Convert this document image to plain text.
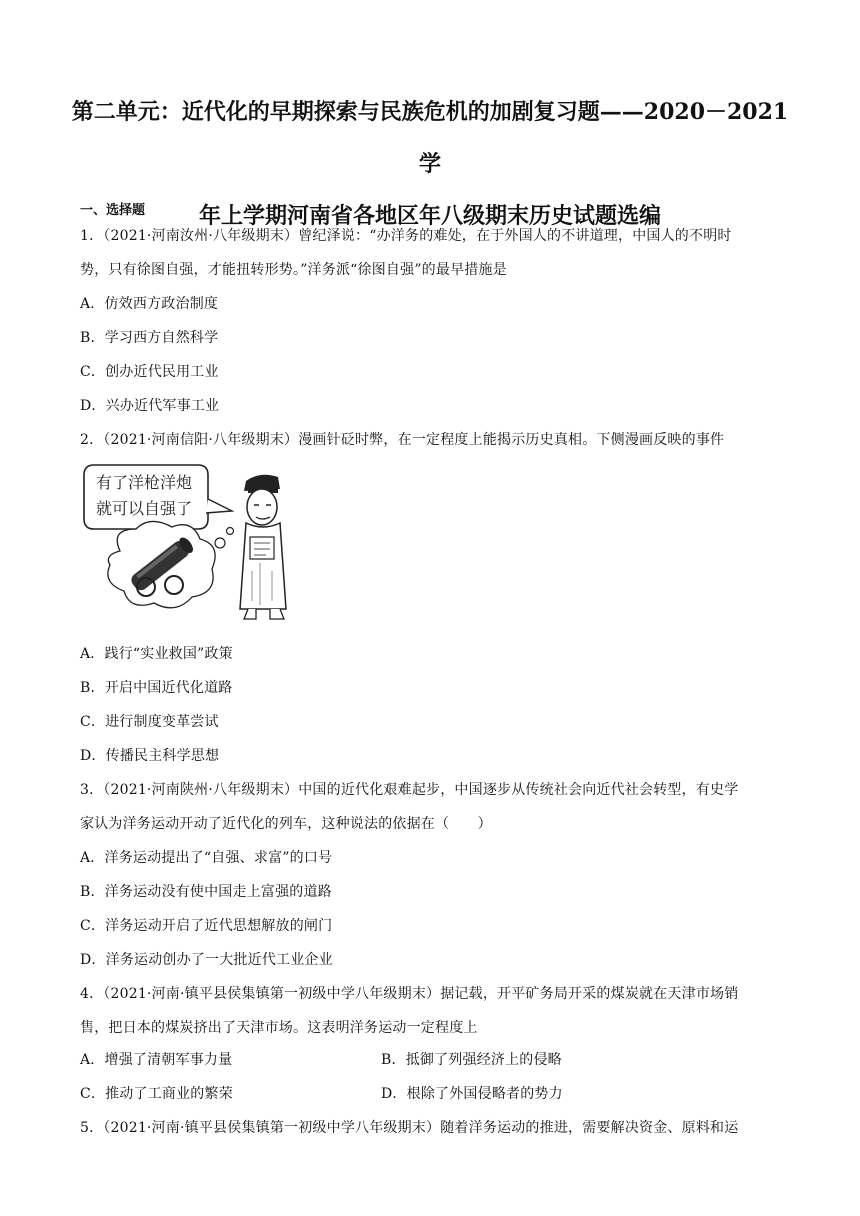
第二单元：近代化的早期探索与民族危机的加剧复习题——2020－2021 学
年上学期河南省各地区年八级期末历史试题选编
一、选择题
1．（2021·河南汝州·八年级期末）曾纪泽说：“办洋务的难处，在于外国人的不讲道理，中国人的不明时
势，只有徐图自强，才能扭转形势。”洋务派“徐图自强”的最早措施是
A．仿效西方政治制度
B．学习西方自然科学
C．创办近代民用工业
D．兴办近代军事工业
2．（2021·河南信阳·八年级期末）漫画针砭时弊，在一定程度上能揭示历史真相。下侧漫画反映的事件
有了洋枪洋炮
就可以自强了
A．践行“实业救国”政策
B．开启中国近代化道路
C．进行制度变革尝试
D．传播民主科学思想
3．（2021·河南陕州·八年级期末）中国的近代化艰难起步，中国逐步从传统社会向近代社会转型，有史学
家认为洋务运动开动了近代化的列车，这种说法的依据在（　　）
A．洋务运动提出了“自强、求富”的口号
B．洋务运动没有使中国走上富强的道路
C．洋务运动开启了近代思想解放的闸门
D．洋务运动创办了一大批近代工业企业
4．（2021·河南·镇平县侯集镇第一初级中学八年级期末）据记载，开平矿务局开采的煤炭就在天津市场销
售，把日本的煤炭挤出了天津市场。这表明洋务运动一定程度上
A．增强了清朝军事力量	B．抵御了列强经济上的侵略
C．推动了工商业的繁荣	D．根除了外国侵略者的势力
5．（2021·河南·镇平县侯集镇第一初级中学八年级期末）随着洋务运动的推进，需要解决资金、原料和运
